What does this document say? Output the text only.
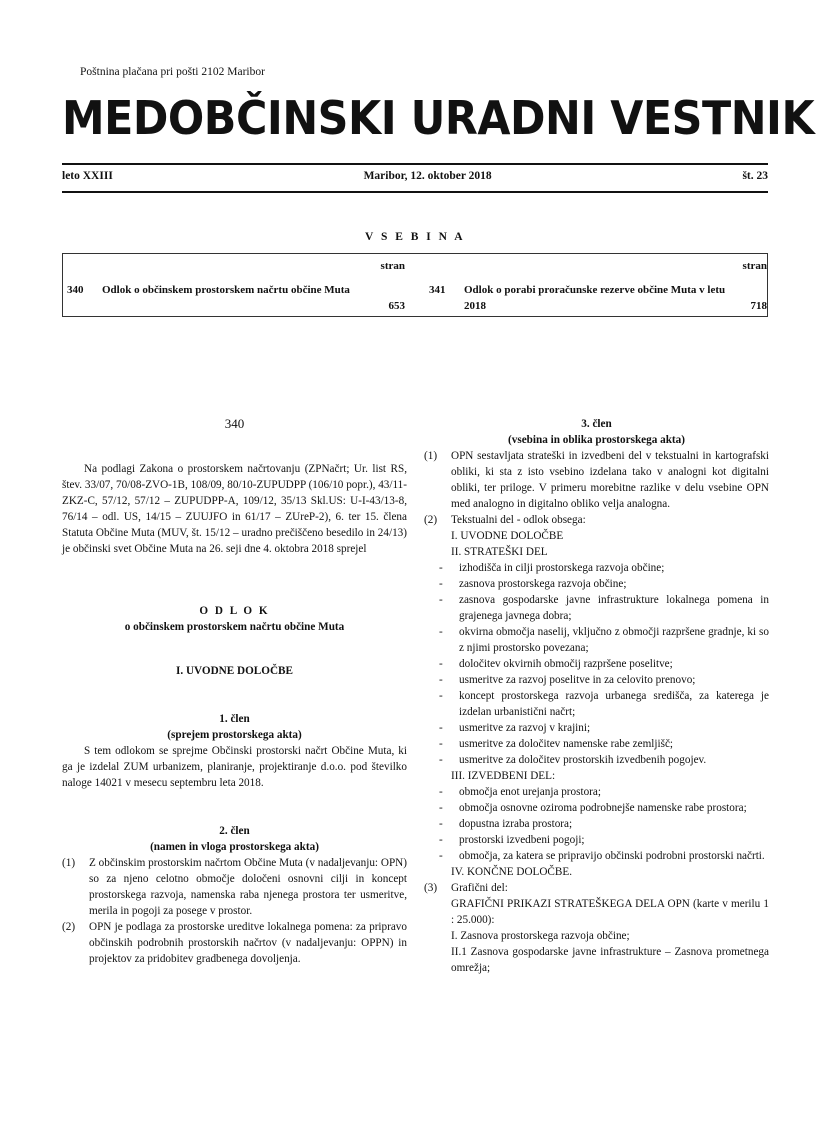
Poštnina plačana pri pošti 2102 Maribor
MEDOBČINSKI URADNI VESTNIK
leto XXIII	Maribor, 12. oktober 2018	št. 23
V S E B I N A
stran
340 Odlok o občinskem prostorskem načrtu občine Muta
653
stran
341 Odlok o porabi proračunske rezerve občine Muta v letu 2018	718

340

Na podlagi Zakona o prostorskem načrtovanju (ZPNačrt; Ur. list RS, štev. 33/07, 70/08-ZVO-1B, 108/09, 80/10-ZUPUDPP (106/10 popr.), 43/11-ZKZ-C, 57/12, 57/12 – ZUPUDPP-A, 109/12, 35/13 Skl.US: U-I-43/13-8, 76/14 – odl. US, 14/15 – ZUUJFO in 61/17 – ZUreP-2), 6. ter 15. člena Statuta Občine Muta (MUV, št. 15/12 – uradno prečiščeno besedilo in 24/13) je občinski svet Občine Muta na 26. seji dne 4. oktobra 2018 sprejel

O D L O K

o občinskem prostorskem načrtu občine Muta

I. UVODNE DOLOČBE

1. člen

(sprejem prostorskega akta)

S tem odlokom se sprejme Občinski prostorski načrt Občine Muta, ki ga je izdelal ZUM urbanizem, planiranje, projektiranje d.o.o. pod številko naloge 14021 v mesecu septembru leta 2018.

2. člen

(namen in vloga prostorskega akta)

(1)	Z občinskim prostorskim načrtom Občine Muta (v nadaljevanju: OPN) so za njeno celotno območje določeni osnovni cilji in koncept prostorskega razvoja, namenska raba njenega prostora ter usmeritve, merila in pogoji za posege v prostor.
(2)	OPN je podlaga za prostorske ureditve lokalnega pomena: za pripravo občinskih podrobnih prostorskih načrtov (v nadaljevanju: OPPN) in projektov za pridobitev gradbenega dovoljenja.

3. člen

(vsebina in oblika prostorskega akta)

(1)	OPN sestavljata strateški in izvedbeni del v tekstualni in kartografski obliki, ki sta z isto vsebino izdelana tako v analogni kot digitalni obliki, ter priloge. V primeru morebitne razlike v delu vsebine OPN med analogno in digitalno obliko velja analogna.
(2)	Tekstualni del - odlok obsega:
I. UVODNE DOLOČBE
II. STRATEŠKI DEL
-	izhodišča in cilji prostorskega razvoja občine;
-	zasnova prostorskega razvoja občine;
-	zasnova gospodarske javne infrastrukture lokalnega pomena in grajenega javnega dobra;
-	okvirna območja naselij, vključno z območji razpršene gradnje, ki so z njimi prostorsko povezana;
-	določitev okvirnih območij razpršene poselitve;
-	usmeritve za razvoj poselitve in za celovito prenovo;
-	koncept prostorskega razvoja urbanega središča, za katerega je izdelan urbanistični načrt;
-	usmeritve za razvoj v krajini;
-	usmeritve za določitev namenske rabe zemljišč;
-	usmeritve za določitev prostorskih izvedbenih pogojev.
III. IZVEDBENI DEL:
-	območja enot urejanja prostora;
-	območja osnovne oziroma podrobnejše namenske rabe prostora;
-	dopustna izraba prostora;
-	prostorski izvedbeni pogoji;
-	območja, za katera se pripravijo občinski podrobni prostorski načrti.
IV. KONČNE DOLOČBE.
(3)	Grafični del:
GRAFIČNI PRIKAZI STRATEŠKEGA DELA OPN (karte v merilu 1 : 25.000):
I. Zasnova prostorskega razvoja občine;
II.1 Zasnova gospodarske javne infrastrukture – Zasnova prometnega omrežja;
